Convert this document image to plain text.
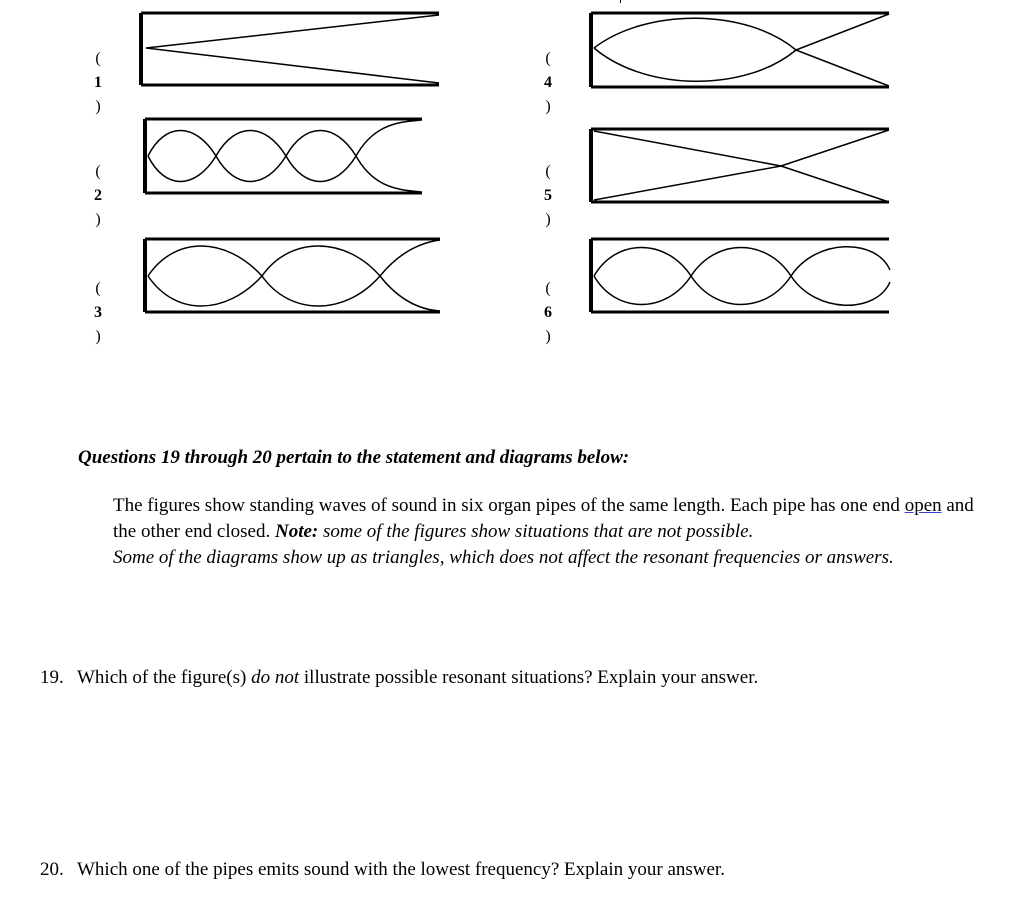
(
1
)
(
2
)
(
3
)
(
4
)
(
5
)
(
6
)
Questions 19 through 20 pertain to the statement and diagrams below:
The figures show standing waves of sound in six organ pipes of the same length. Each pipe has one end open and the other end closed. Note: some of the figures show situations that are not possible.
Some of the diagrams show up as triangles, which does not affect the resonant frequencies or answers.
19. Which of the figure(s) do not illustrate possible resonant situations? Explain your answer.
20. Which one of the pipes emits sound with the lowest frequency? Explain your answer.
